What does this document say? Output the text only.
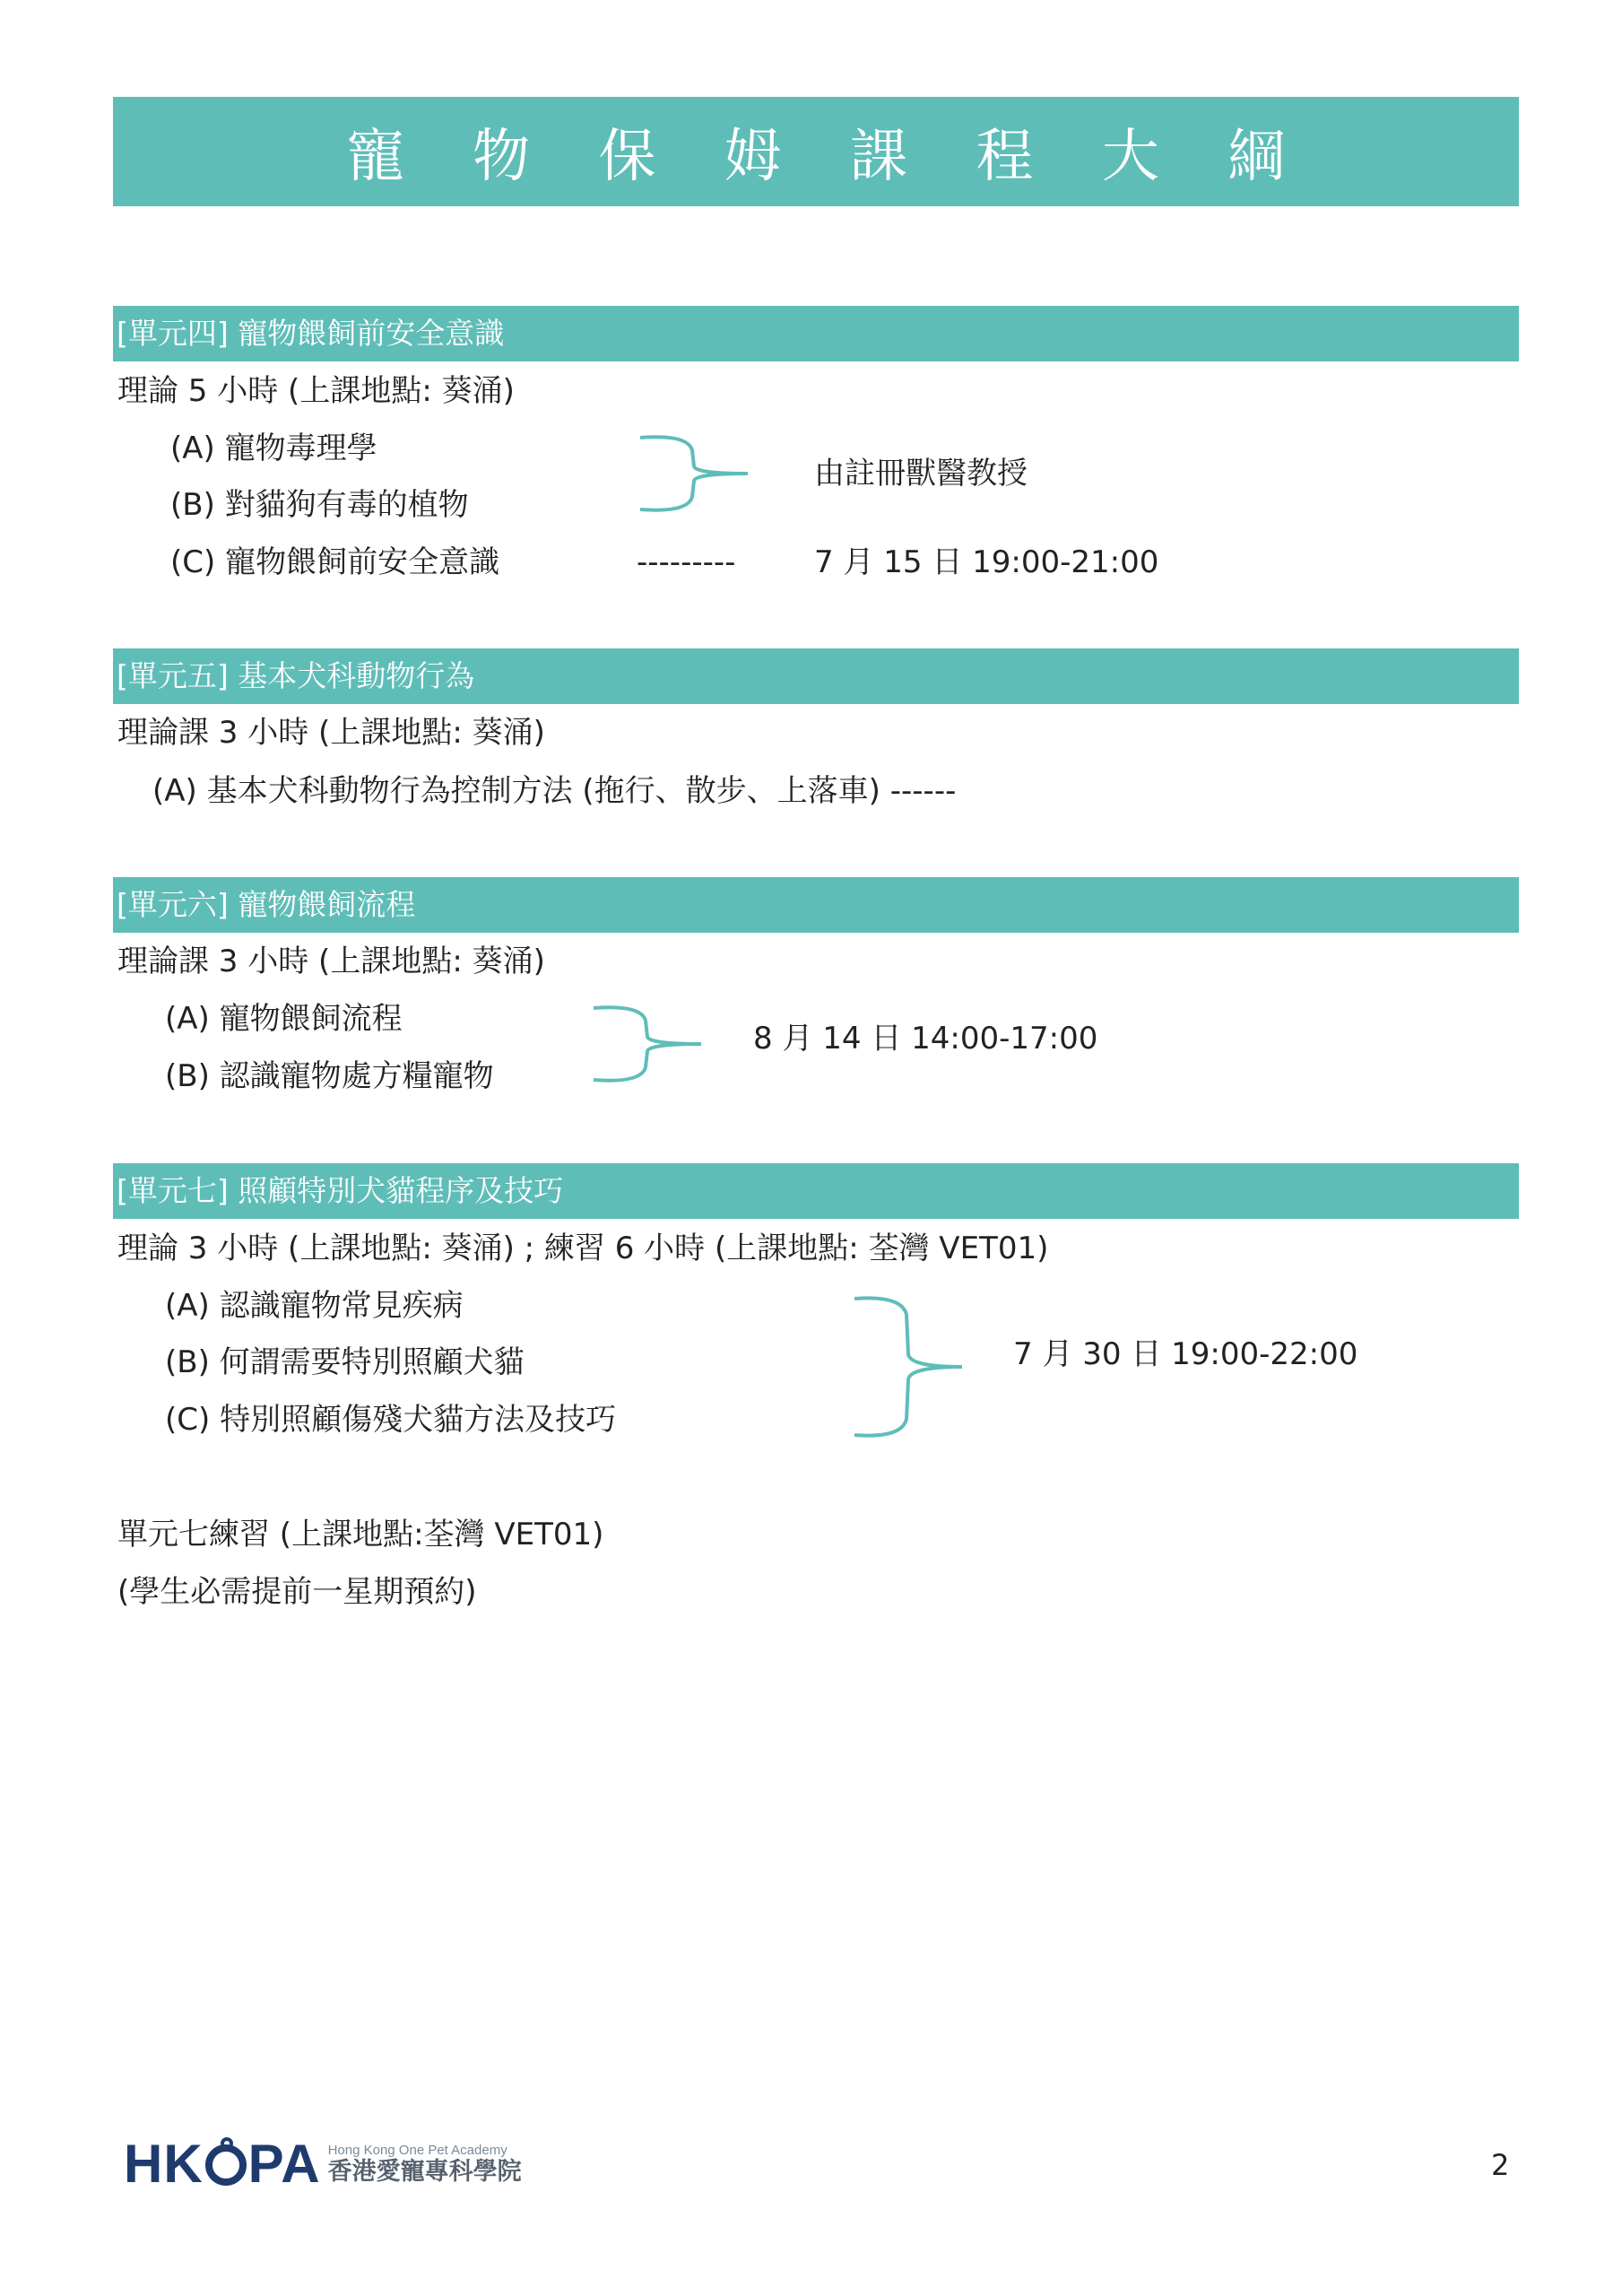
寵 物 保 姆 課 程 大 綱
[單元四] 寵物餵飼前安全意識
理論 5 小時 (上課地點: 葵涌)
(A) 寵物毒理學
(B) 對貓狗有毒的植物
(C) 寵物餵飼前安全意識
由註冊獸醫教授
---------	7 月 15 日 19:00-21:00
[單元五] 基本犬科動物行為
理論課 3 小時 (上課地點: 葵涌)
(A) 基本犬科動物行為控制方法 (拖行、散步、上落車) ------
[單元六] 寵物餵飼流程
理論課 3 小時 (上課地點: 葵涌)
(A) 寵物餵飼流程
(B) 認識寵物處方糧寵物
8 月 14 日 14:00-17:00
[單元七] 照顧特別犬貓程序及技巧
理論 3 小時 (上課地點: 葵涌) ; 練習 6 小時 (上課地點: 荃灣 VET01)
(A) 認識寵物常見疾病
(B) 何謂需要特別照顧犬貓
(C) 特別照顧傷殘犬貓方法及技巧
7 月 30 日 19:00-22:00
單元七練習 (上課地點:荃灣 VET01)
(學生必需提前一星期預約)
HK PA Hong Kong One Pet Academy
香港愛寵專科學院	2
